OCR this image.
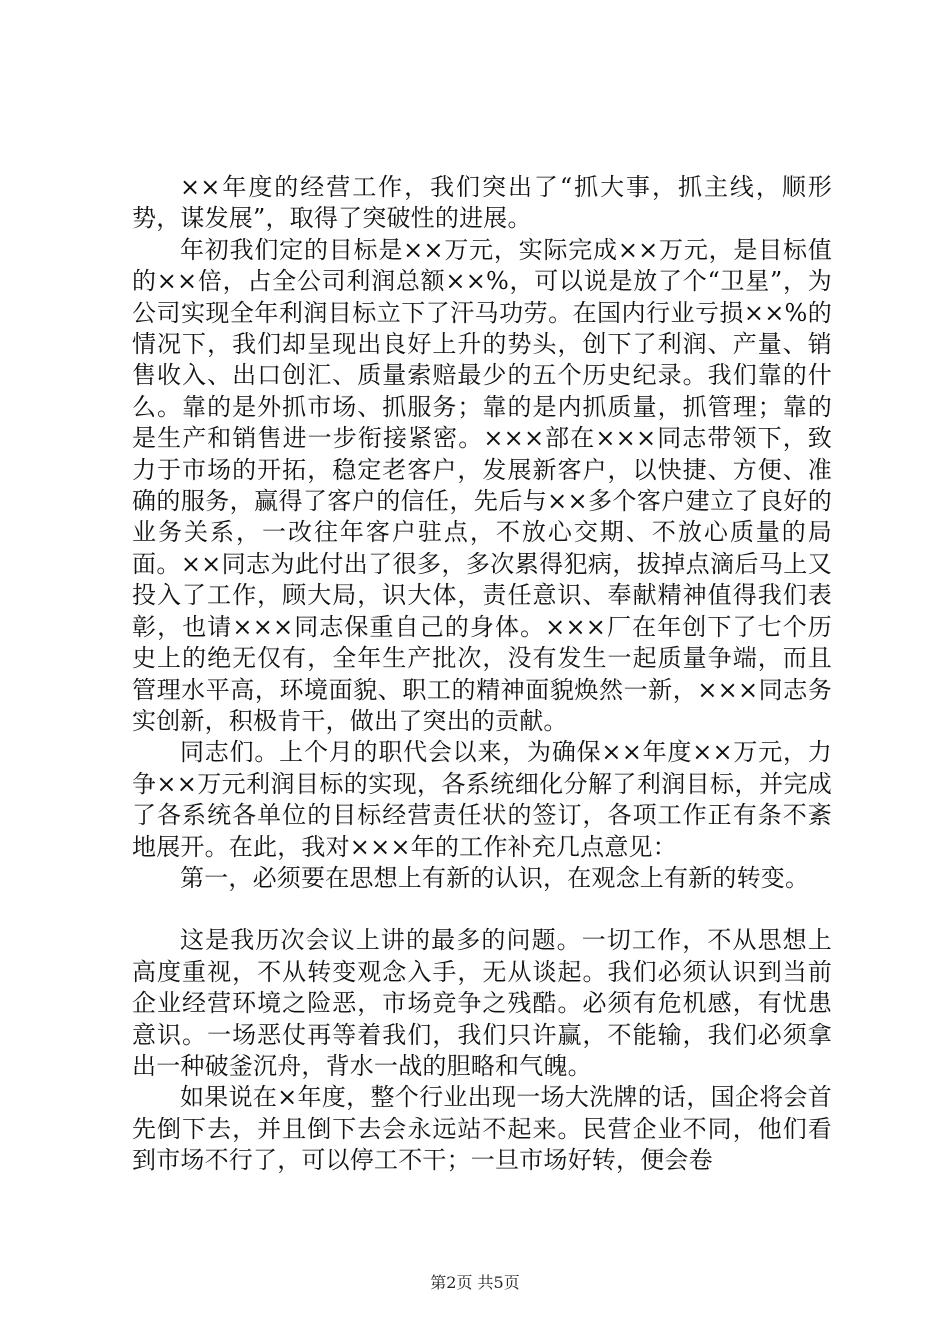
××年度的经营工作，我们突出了“抓大事，抓主线，顺形势，谋发展”，取得了突破性的进展。

年初我们定的目标是××万元，实际完成××万元，是目标值的××倍，占全公司利润总额××%，可以说是放了个“卫星”，为公司实现全年利润目标立下了汗马功劳。在国内行业亏损××%的情况下，我们却呈现出良好上升的势头，创下了利润、产量、销售收入、出口创汇、质量索赔最少的五个历史纪录。我们靠的什么。靠的是外抓市场、抓服务；靠的是内抓质量，抓管理；靠的是生产和销售进一步衔接紧密。×××部在×××同志带领下，致力于市场的开拓，稳定老客户，发展新客户，以快捷、方便、准确的服务，赢得了客户的信任，先后与××多个客户建立了良好的业务关系，一改往年客户驻点，不放心交期、不放心质量的局面。××同志为此付出了很多，多次累得犯病，拔掉点滴后马上又投入了工作，顾大局，识大体，责任意识、奉献精神值得我们表彰，也请×××同志保重自己的身体。×××厂在年创下了七个历史上的绝无仅有，全年生产批次，没有发生一起质量争端，而且管理水平高，环境面貌、职工的精神面貌焕然一新，×××同志务实创新，积极肯干，做出了突出的贡献。

同志们。上个月的职代会以来，为确保××年度××万元，力争××万元利润目标的实现，各系统细化分解了利润目标，并完成了各系统各单位的目标经营责任状的签订，各项工作正有条不紊地展开。在此，我对×××年的工作补充几点意见：

第一，必须要在思想上有新的认识，在观念上有新的转变。

这是我历次会议上讲的最多的问题。一切工作，不从思想上高度重视，不从转变观念入手，无从谈起。我们必须认识到当前企业经营环境之险恶，市场竞争之残酷。必须有危机感，有忧患意识。一场恶仗再等着我们，我们只许赢，不能输，我们必须拿出一种破釜沉舟，背水一战的胆略和气魄。

如果说在×年度，整个行业出现一场大洗牌的话，国企将会首先倒下去，并且倒下去会永远站不起来。民营企业不同，他们看到市场不行了，可以停工不干；一旦市场好转，便会卷

第2页 共5页
